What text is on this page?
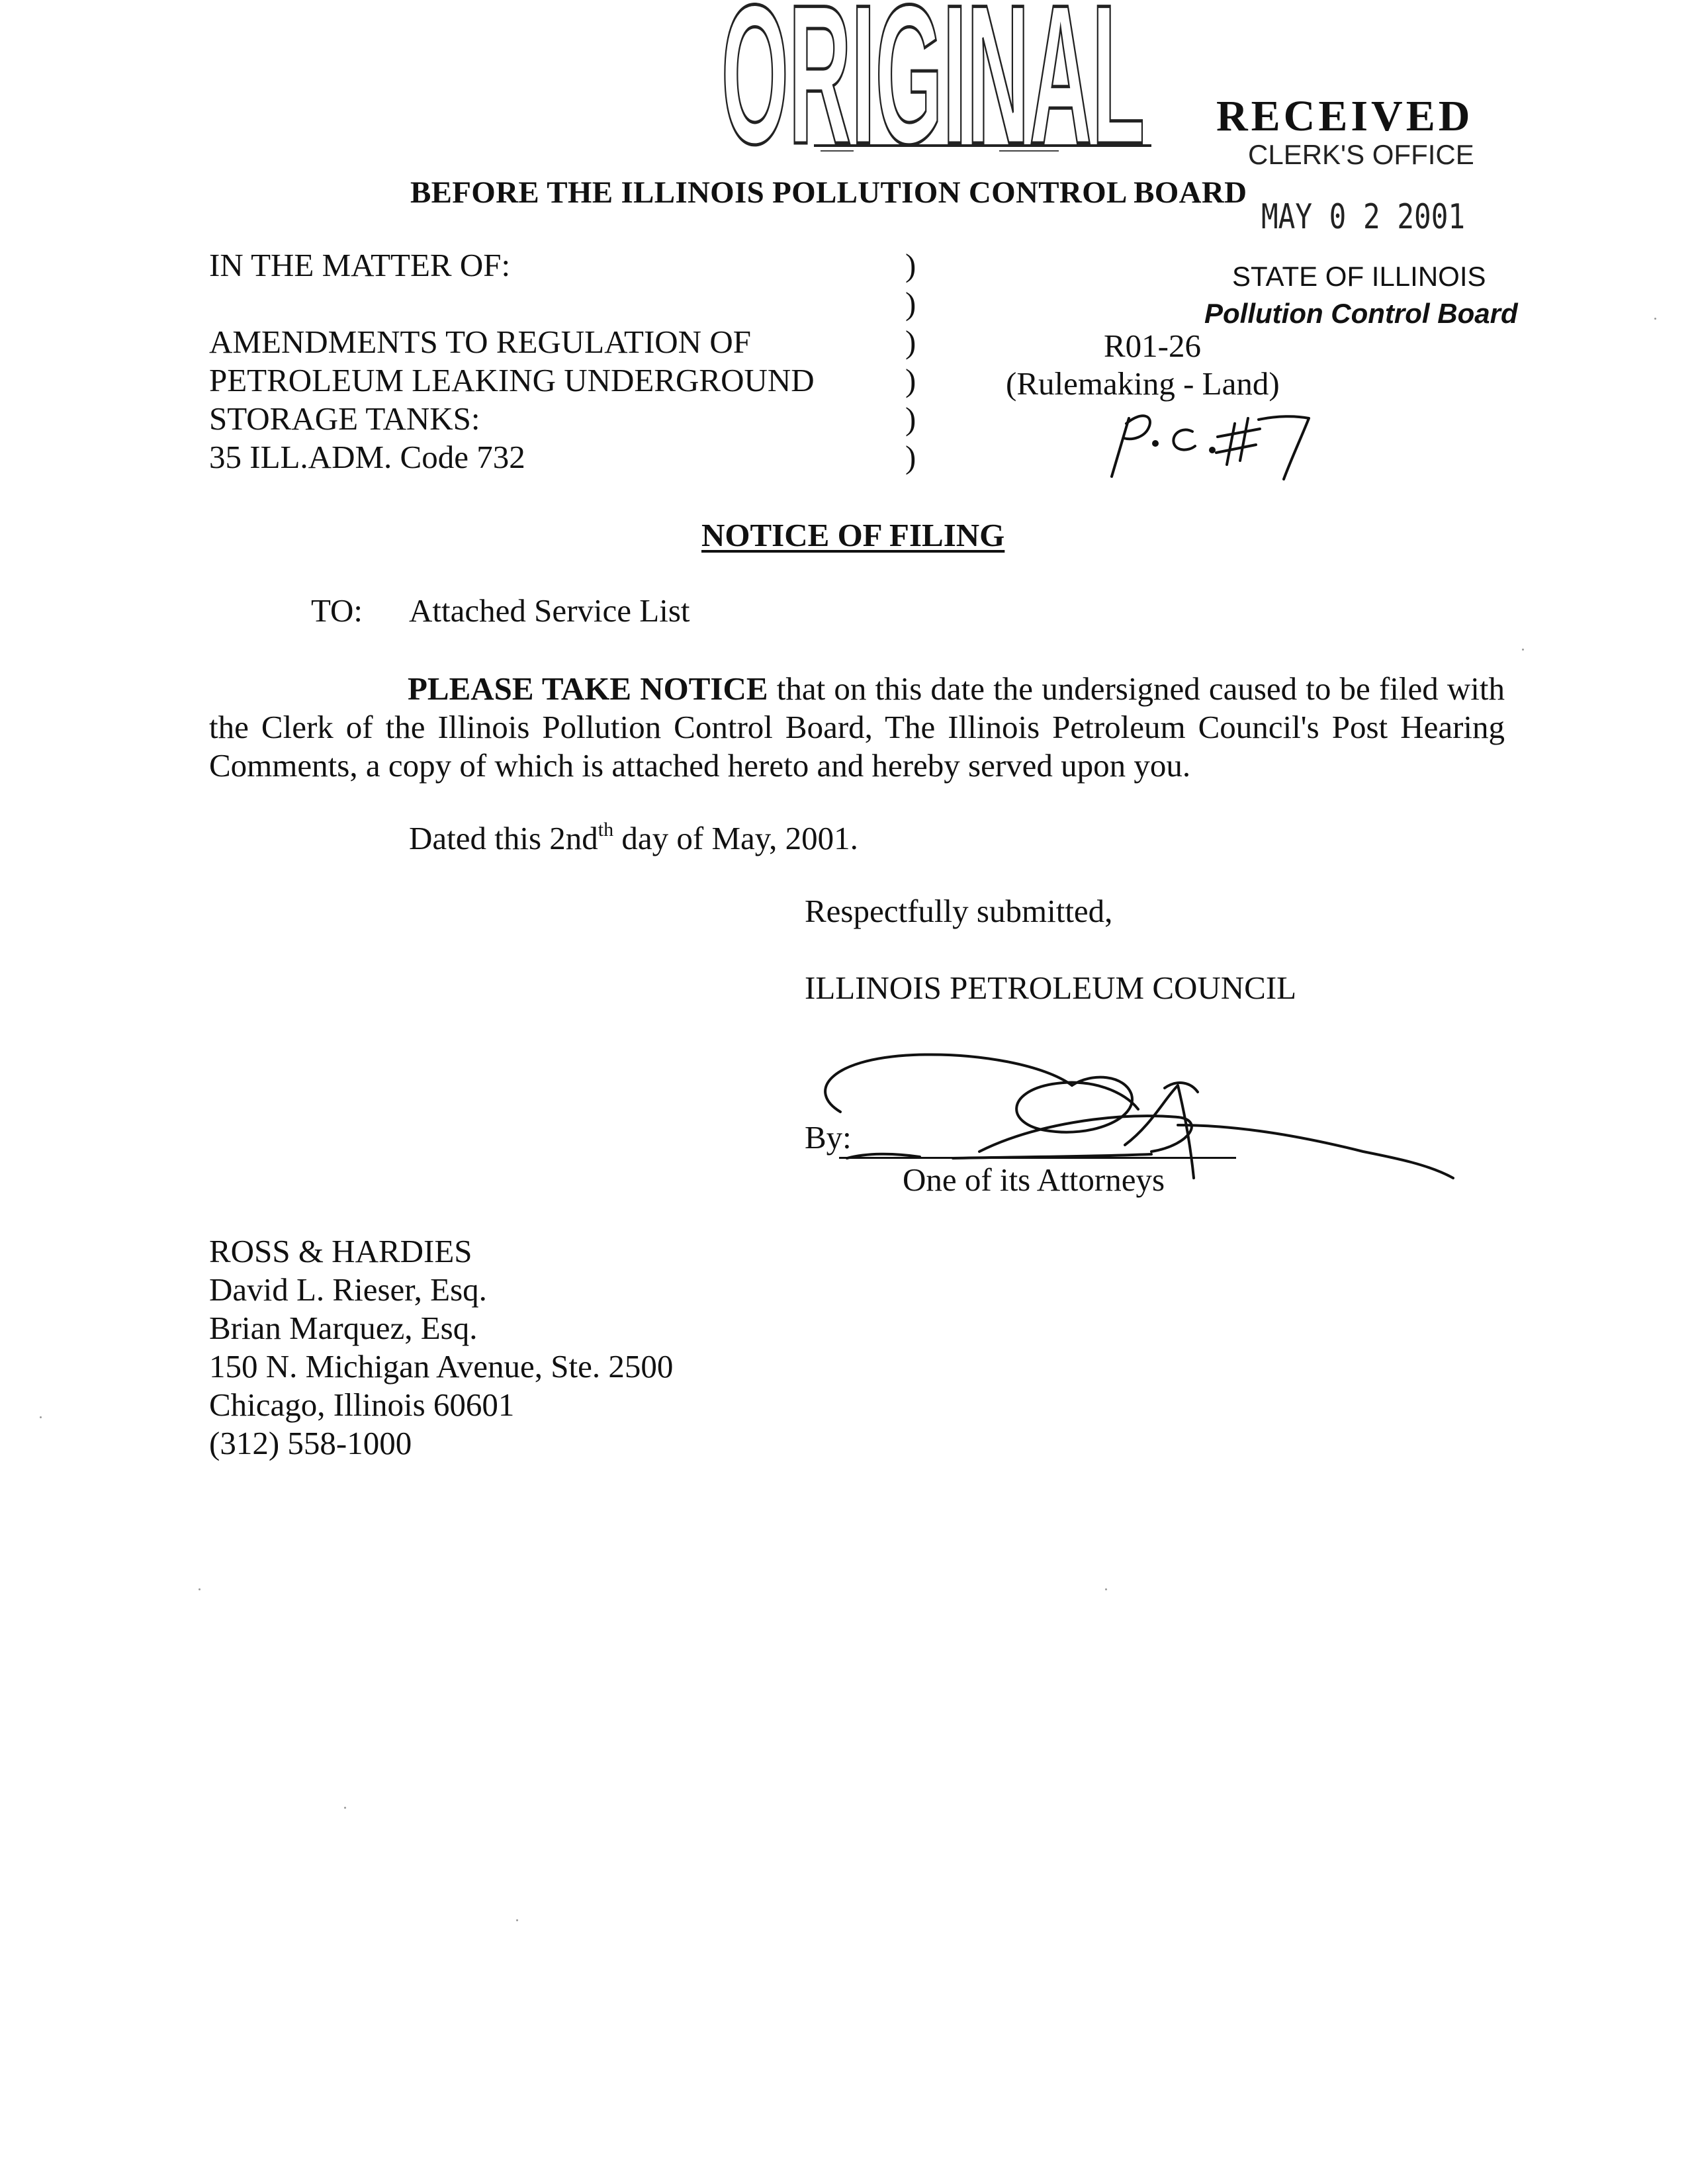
ORIGINAL RECEIVED
CLERK'S OFFICE
MAY 0 2 2001
STATE OF ILLINOIS
Pollution Control Board
BEFORE THE ILLINOIS POLLUTION CONTROL BOARD
IN THE MATTER OF:
AMENDMENTS TO REGULATION OF
PETROLEUM LEAKING UNDERGROUND
STORAGE TANKS:
35 ILL.ADM. Code 732
)
)
)
)
)
)
R01-26
(Rulemaking - Land)
NOTICE OF FILING
TO: Attached Service List
PLEASE TAKE NOTICE that on this date the undersigned caused to be filed with the Clerk of the Illinois Pollution Control Board, The Illinois Petroleum Council's Post Hearing Comments, a copy of which is attached hereto and hereby served upon you.
Dated this $2nd^{th}$ day of May, 2001.
Respectfully submitted,
ILLINOIS PETROLEUM COUNCIL
By:
One of its Attorneys
ROSS & HARDIES
David L. Rieser, Esq.
Brian Marquez, Esq.
150 N. Michigan Avenue, Ste. 2500
Chicago, Illinois 60601
(312) 558-1000
